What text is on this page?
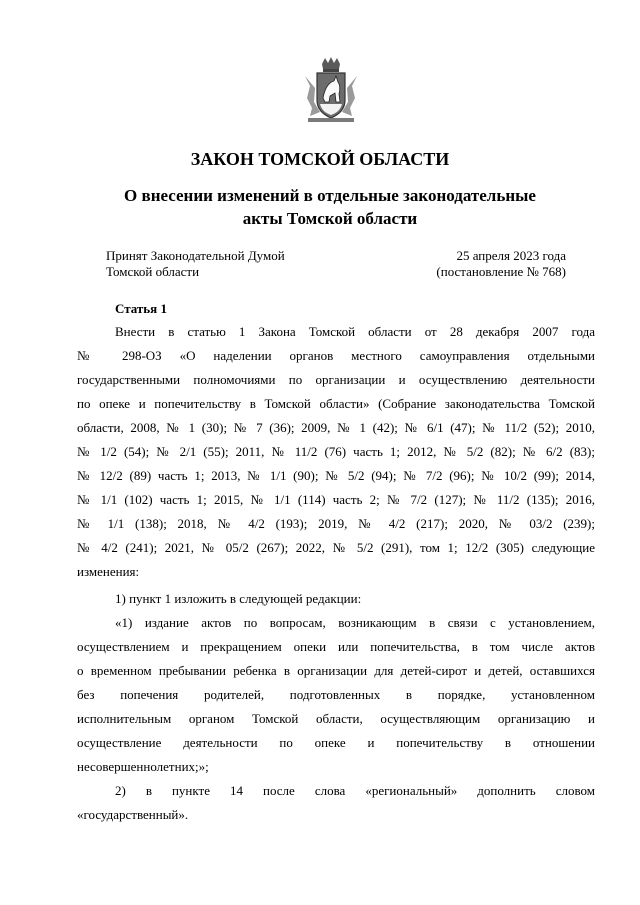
ЗАКОН ТОМСКОЙ ОБЛАСТИ
О внесении изменений в отдельные законодательные
акты Томской области
Принят Законодательной Думой
Томской области
25 апреля 2023 года
(постановление № 768)
Статья 1

Внести в статью 1 Закона Томской области от 28 декабря 2007 года

№ 298-ОЗ «О наделении органов местного самоуправления отдельными

государственными полномочиями по организации и осуществлению деятельности

по опеке и попечительству в Томской области» (Собрание законодательства Томской

области, 2008, № 1 (30); № 7 (36); 2009, № 1 (42); № 6/1 (47); № 11/2 (52); 2010,

№ 1/2 (54); № 2/1 (55); 2011, № 11/2 (76) часть 1; 2012, № 5/2 (82); № 6/2 (83);

№ 12/2 (89) часть 1; 2013, № 1/1 (90); № 5/2 (94); № 7/2 (96); № 10/2 (99); 2014,

№ 1/1 (102) часть 1; 2015, № 1/1 (114) часть 2; № 7/2 (127); № 11/2 (135); 2016,

№ 1/1 (138); 2018, № 4/2 (193); 2019, № 4/2 (217); 2020, № 03/2 (239);

№ 4/2 (241); 2021, № 05/2 (267); 2022, № 5/2 (291), том 1; 12/2 (305) следующие

изменения:

1) пункт 1 изложить в следующей редакции:

«1) издание актов по вопросам, возникающим в связи с установлением,

осуществлением и прекращением опеки или попечительства, в том числе актов

о временном пребывании ребенка в организации для детей-сирот и детей, оставшихся

без попечения родителей, подготовленных в порядке, установленном

исполнительным органом Томской области, осуществляющим организацию и

осуществление деятельности по опеке и попечительству в отношении

несовершеннолетних;»;

2) в пункте 14 после слова «региональный» дополнить словом

«государственный».
